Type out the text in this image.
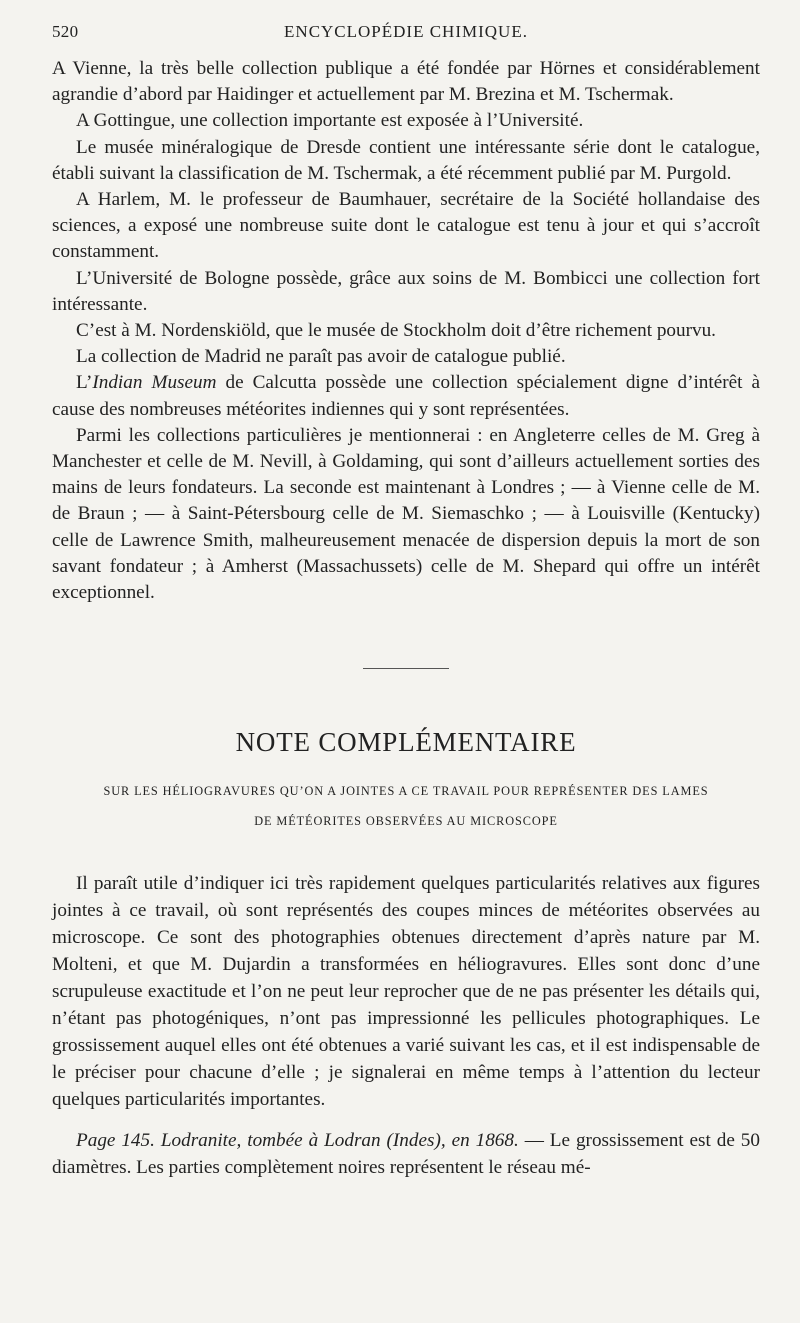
520	ENCYCLOPÉDIE CHIMIQUE.

A Vienne, la très belle collection publique a été fondée par Hörnes et considérablement agrandie d’abord par Haidinger et actuellement par M. Brezina et M. Tschermak.

A Gottingue, une collection importante est exposée à l’Université.

Le musée minéralogique de Dresde contient une intéressante série dont le catalogue, établi suivant la classification de M. Tschermak, a été récemment publié par M. Purgold.

A Harlem, M. le professeur de Baumhauer, secrétaire de la Société hollandaise des sciences, a exposé une nombreuse suite dont le catalogue est tenu à jour et qui s’accroît constamment.

L’Université de Bologne possède, grâce aux soins de M. Bombicci une collection fort intéressante.

C’est à M. Nordenskiöld, que le musée de Stockholm doit d’être richement pourvu.

La collection de Madrid ne paraît pas avoir de catalogue publié.

L’Indian Museum de Calcutta possède une collection spécialement digne d’intérêt à cause des nombreuses météorites indiennes qui y sont représentées.

Parmi les collections particulières je mentionnerai : en Angleterre celles de M. Greg à Manchester et celle de M. Nevill, à Goldaming, qui sont d’ailleurs actuellement sorties des mains de leurs fondateurs. La seconde est maintenant à Londres ; — à Vienne celle de M. de Braun ; — à Saint-Pétersbourg celle de M. Siemaschko ; — à Louisville (Kentucky) celle de Lawrence Smith, malheureusement menacée de dispersion depuis la mort de son savant fondateur ; à Amherst (Massachussets) celle de M. Shepard qui offre un intérêt exceptionnel.

NOTE COMPLÉMENTAIRE
SUR LES HÉLIOGRAVURES QU’ON A JOINTES A CE TRAVAIL POUR REPRÉSENTER DES LAMES
DE MÉTÉORITES OBSERVÉES AU MICROSCOPE

Il paraît utile d’indiquer ici très rapidement quelques particularités relatives aux figures jointes à ce travail, où sont représentés des coupes minces de météorites observées au microscope. Ce sont des photographies obtenues directement d’après nature par M. Molteni, et que M. Dujardin a transformées en héliogravures. Elles sont donc d’une scrupuleuse exactitude et l’on ne peut leur reprocher que de ne pas présenter les détails qui, n’étant pas photogéniques, n’ont pas impressionné les pellicules photographiques. Le grossissement auquel elles ont été obtenues a varié suivant les cas, et il est indispensable de le préciser pour chacune d’elle ; je signalerai en même temps à l’attention du lecteur quelques particularités importantes.

Page 145. Lodranite, tombée à Lodran (Indes), en 1868. — Le grossissement est de 50 diamètres. Les parties complètement noires représentent le réseau mé-
